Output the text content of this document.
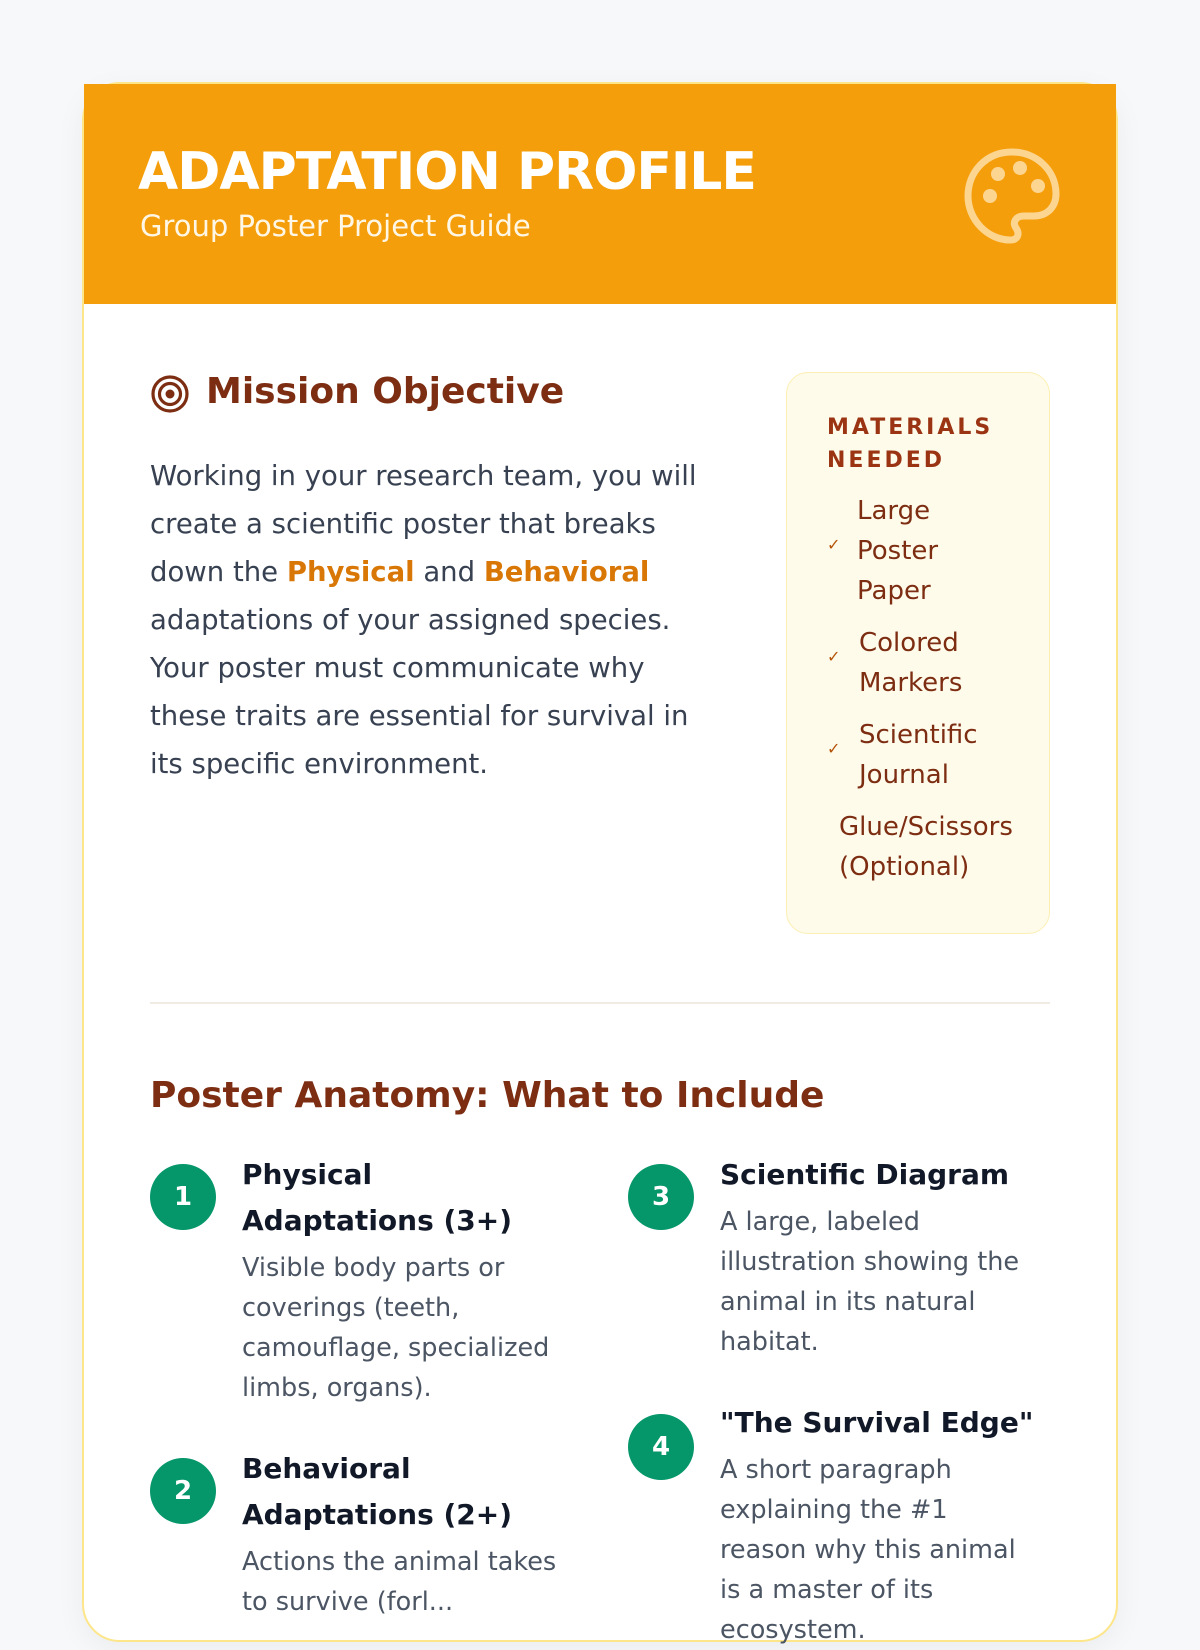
ADAPTATION PROFILE
Group Poster Project Guide
Mission Objective
Working in your research team, you will create a scientific poster that breaks down the Physical and Behavioral adaptations of your assigned species. Your poster must communicate why these traits are essential for survival in its specific environment.
MATERIALS NEEDED
✓
Large Poster Paper
✓ Colored Markers
✓ Scientific Journal
Glue/Scissors (Optional)
Poster Anatomy: What to Include
1
Physical Adaptations (3+)
Visible body parts or coverings (teeth, camouflage, specialized limbs, organs).
2
Behavioral Adaptations (2+)
Actions the animal takes to survive (forl...
3
Scientific Diagram
A large, labeled illustration showing the animal in its natural habitat.
4
"The Survival Edge"
A short paragraph explaining the #1 reason why this animal is a master of its ecosystem.
